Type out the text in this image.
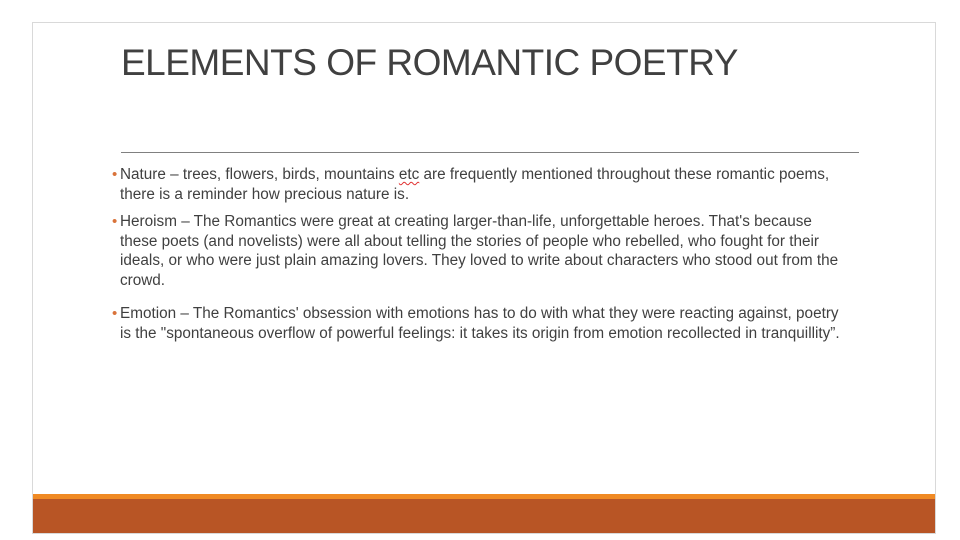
ELEMENTS OF ROMANTIC POETRY
• Nature – trees, flowers, birds, mountains etc are frequently mentioned throughout these romantic poems, there is a reminder how precious nature is.
• Heroism – The Romantics were great at creating larger-than-life, unforgettable heroes. That's because these poets (and novelists) were all about telling the stories of people who rebelled, who fought for their ideals, or who were just plain amazing lovers. They loved to write about characters who stood out from the crowd.
• Emotion – The Romantics' obsession with emotions has to do with what they were reacting against, poetry is the "spontaneous overflow of powerful feelings: it takes its origin from emotion recollected in tranquillity”.
